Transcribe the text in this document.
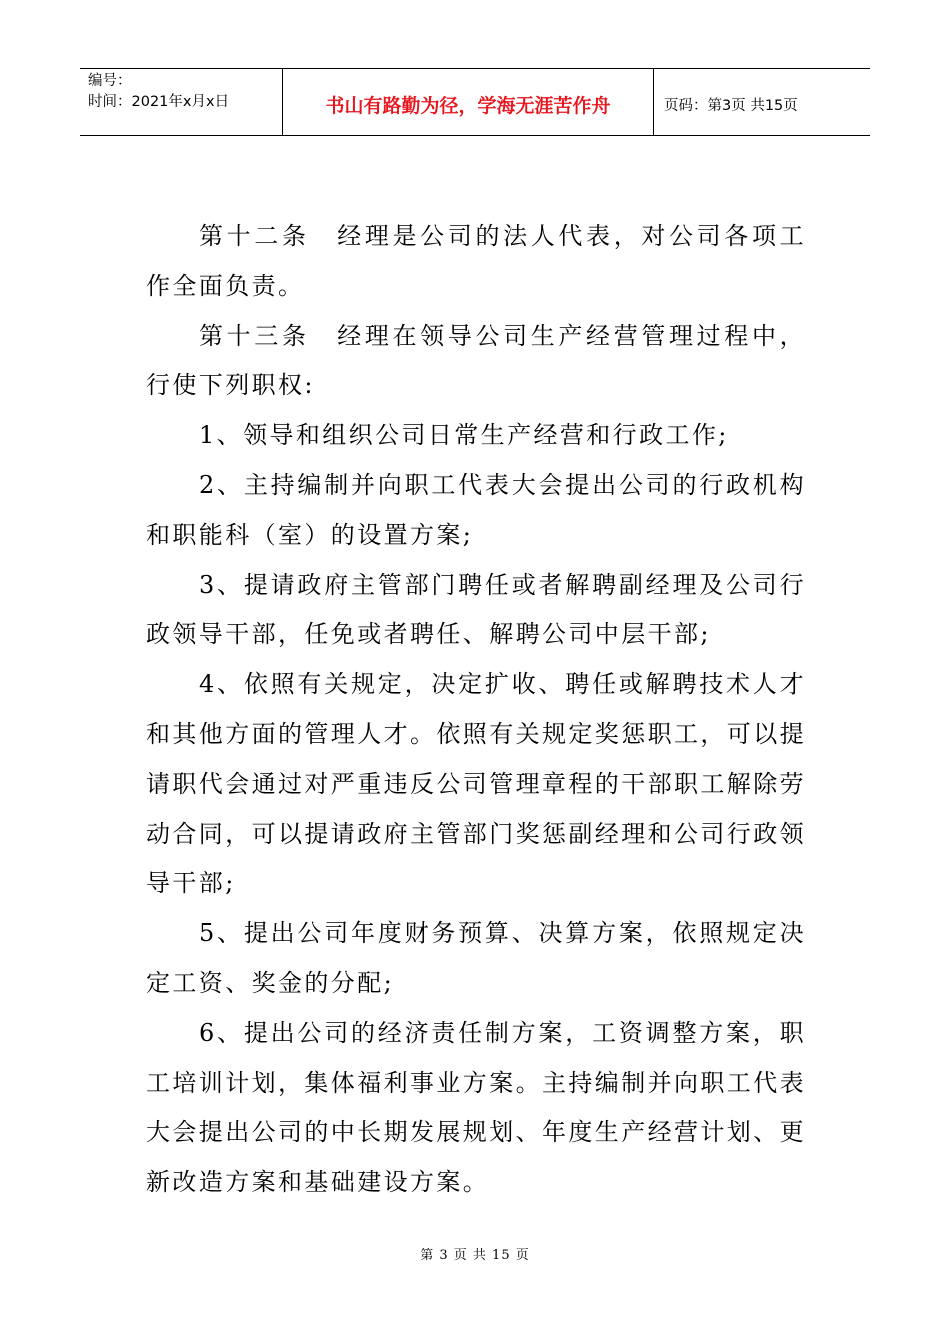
编号：
时间：2021年x月x日	书山有路勤为径，学海无涯苦作舟	页码：第3页 共15页

第十二条　经理是公司的法人代表，对公司各项工作全面负责。

第十三条　经理在领导公司生产经营管理过程中，行使下列职权:

1、领导和组织公司日常生产经营和行政工作;

2、主持编制并向职工代表大会提出公司的行政机构和职能科（室）的设置方案;

3、提请政府主管部门聘任或者解聘副经理及公司行政领导干部，任免或者聘任、解聘公司中层干部;

4、依照有关规定，决定扩收、聘任或解聘技术人才和其他方面的管理人才。依照有关规定奖惩职工，可以提请职代会通过对严重违反公司管理章程的干部职工解除劳动合同，可以提请政府主管部门奖惩副经理和公司行政领导干部;

5、提出公司年度财务预算、决算方案，依照规定决定工资、奖金的分配;

6、提出公司的经济责任制方案，工资调整方案，职工培训计划，集体福利事业方案。主持编制并向职工代表大会提出公司的中长期发展规划、年度生产经营计划、更新改造方案和基础建设方案。

第 3 页 共 15 页
